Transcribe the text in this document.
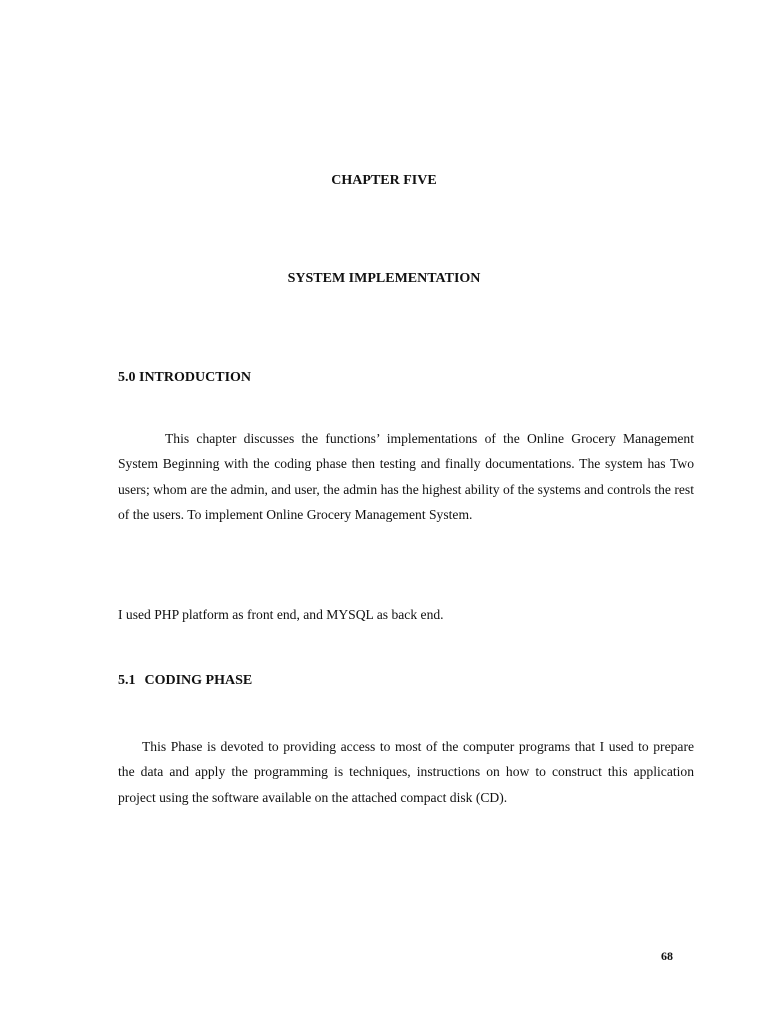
CHAPTER FIVE
SYSTEM IMPLEMENTATION
5.0 INTRODUCTION
This chapter discusses the functions’ implementations of the Online Grocery Management System Beginning with the coding phase then testing and finally documentations. The system has Two users; whom are the admin, and user, the admin has the highest ability of the systems and controls the rest of the users. To implement Online Grocery Management System.
I used PHP platform as front end, and MYSQL as back end.
5.1 CODING PHASE
This Phase is devoted to providing access to most of the computer programs that I used to prepare the data and apply the programming is techniques, instructions on how to construct this application project using the software available on the attached compact disk (CD).
68
